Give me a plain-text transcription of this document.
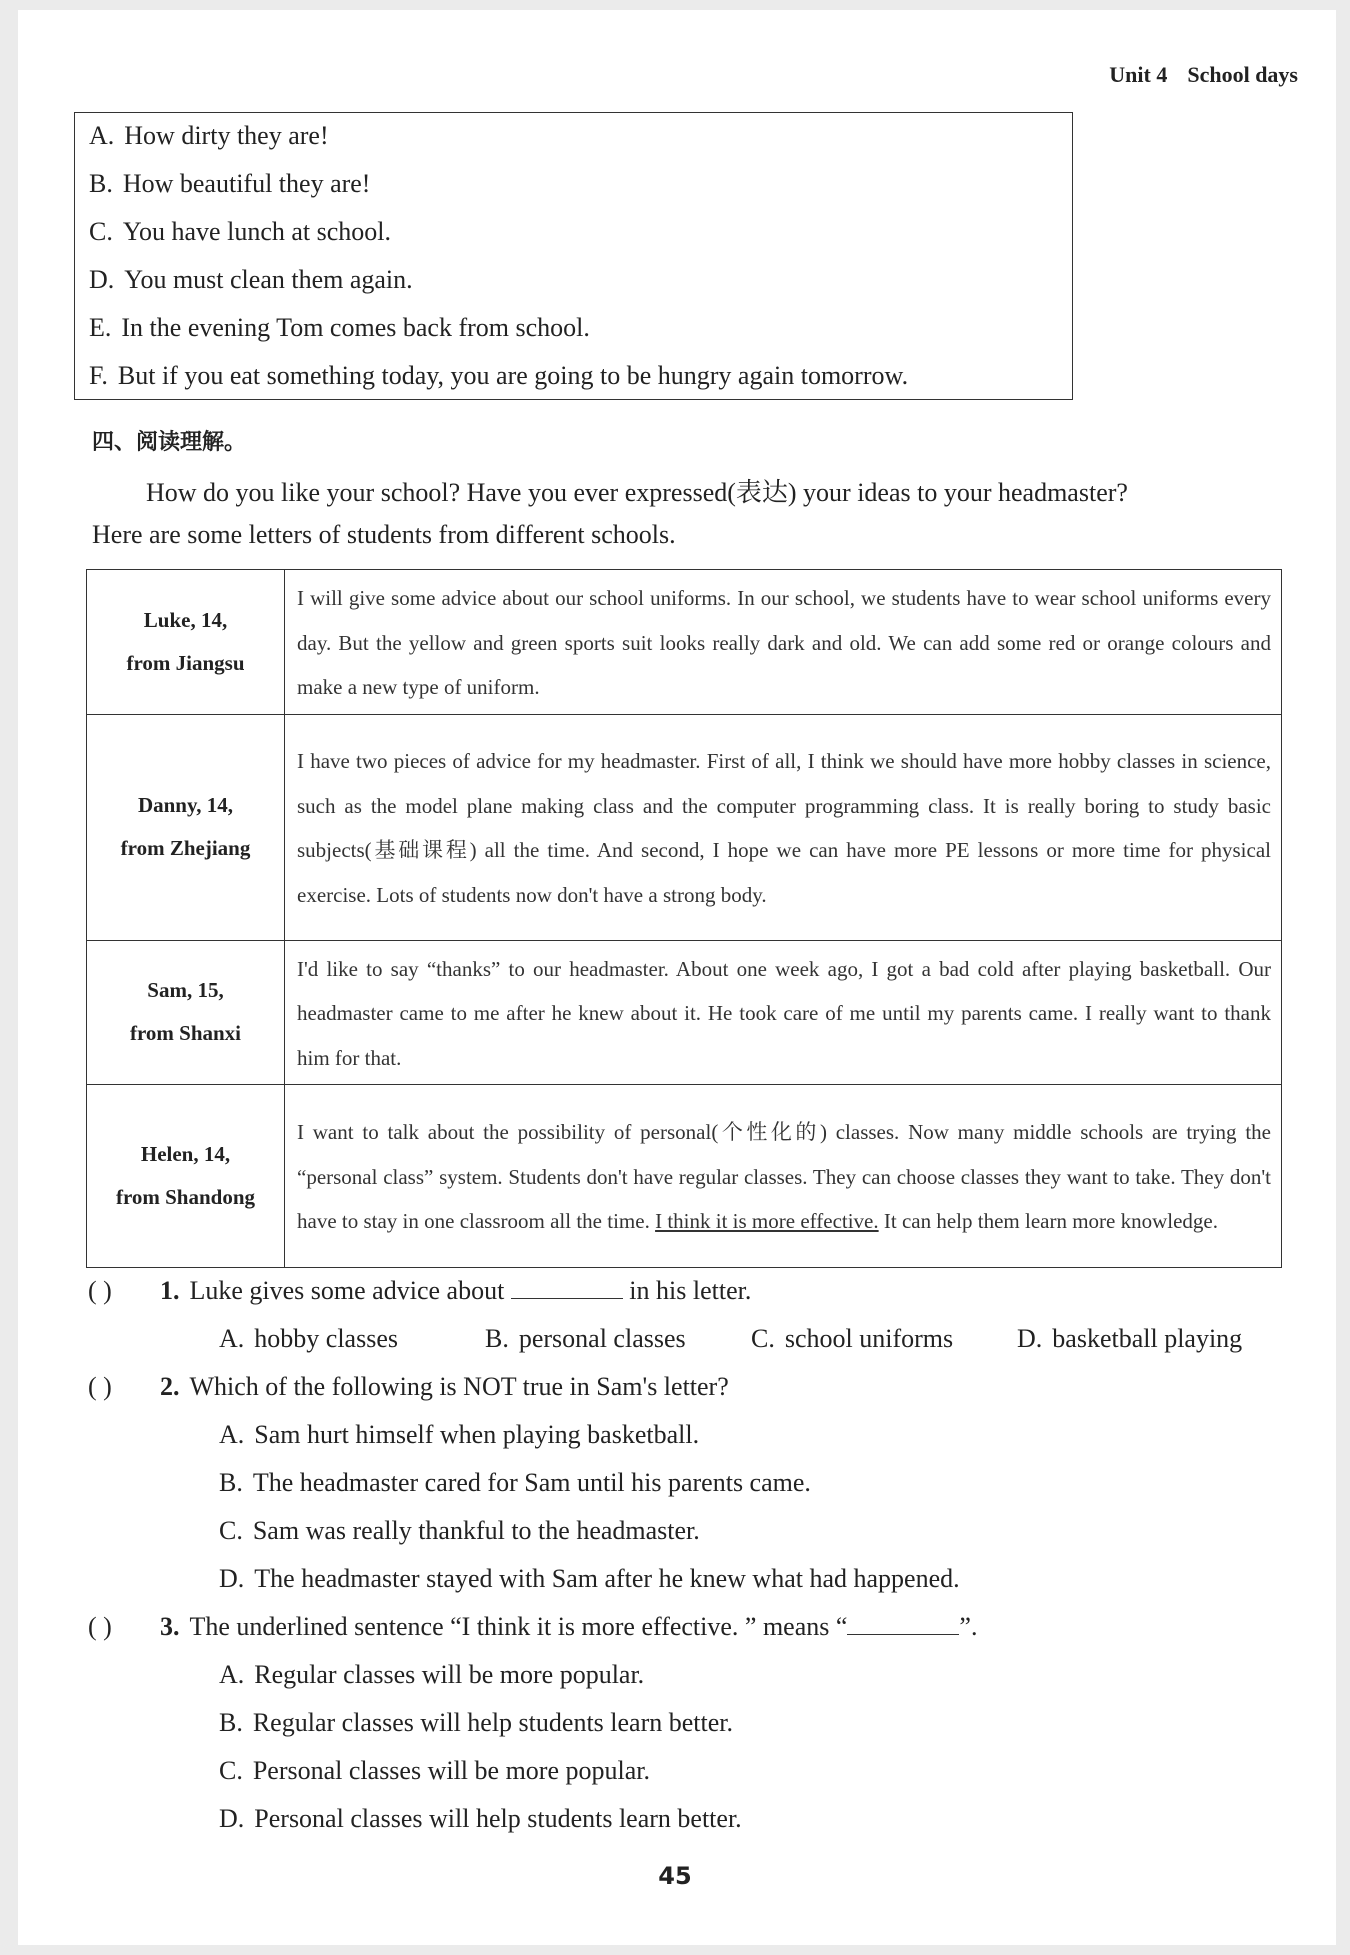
Unit 4 School days
A. How dirty they are!
B. How beautiful they are!
C. You have lunch at school.
D. You must clean them again.
E. In the evening Tom comes back from school.
F. But if you eat something today, you are going to be hungry again tomorrow.
四、阅读理解。
How do you like your school? Have you ever expressed(表达) your ideas to your headmaster?
Here are some letters of students from different schools.
Luke, 14,
from Jiangsu	I will give some advice about our school uniforms. In our school, we students have to wear school uniforms every day. But the yellow and green sports suit looks really dark and old. We can add some red or orange colours and make a new type of uniform.

Danny, 14,
from Zhejiang	I have two pieces of advice for my headmaster. First of all, I think we should have more hobby classes in science, such as the model plane making class and the computer programming class. It is really boring to study basic subjects(基础课程) all the time. And second, I hope we can have more PE lessons or more time for physical exercise. Lots of students now don't have a strong body.

Sam, 15,
from Shanxi	I'd like to say “thanks” to our headmaster. About one week ago, I got a bad cold after playing basketball. Our headmaster came to me after he knew about it. He took care of me until my parents came. I really want to thank him for that.

Helen, 14,
from Shandong	I want to talk about the possibility of personal(个性化的) classes. Now many middle schools are trying the “personal class” system. Students don't have regular classes. They can choose classes they want to take. They don't have to stay in one classroom all the time. I think it is more effective. It can help them learn more knowledge.
( ) 1. Luke gives some advice about	in his letter.
A. hobby classes	B. personal classes	C. school uniforms D. basketball playing
( ) 2. Which of the following is NOT true in Sam's letter?
A. Sam hurt himself when playing basketball.
B. The headmaster cared for Sam until his parents came.
C. Sam was really thankful to the headmaster.
D. The headmaster stayed with Sam after he knew what had happened.
( ) 3. The underlined sentence “I think it is more effective. ” means “	”.
A. Regular classes will be more popular.
B. Regular classes will help students learn better.
C. Personal classes will be more popular.
D. Personal classes will help students learn better.
45
